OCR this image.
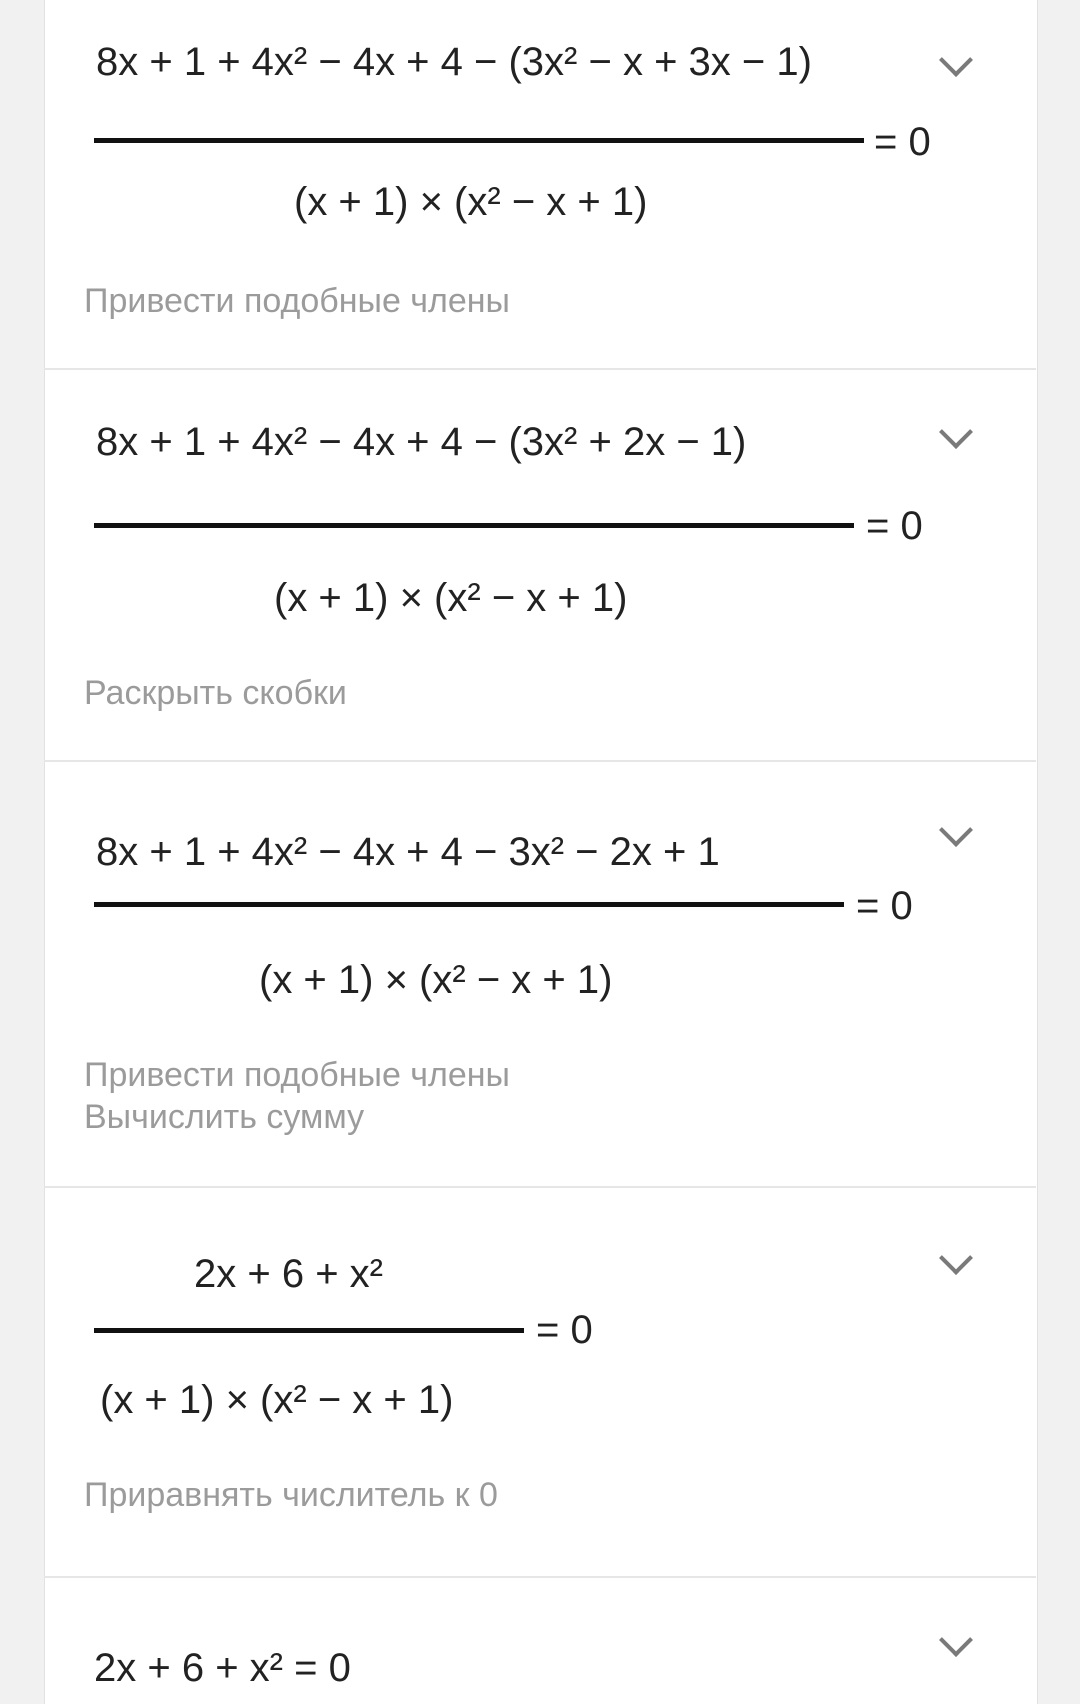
8x + 1 + 4x² − 4x + 4 − (3x² − x + 3x − 1)
= 0
(x + 1) × (x² − x + 1)
Привести подобные члены
8x + 1 + 4x² − 4x + 4 − (3x² + 2x − 1)
= 0
(x + 1) × (x² − x + 1)
Раскрыть скобки
8x + 1 + 4x² − 4x + 4 − 3x² − 2x + 1
= 0
(x + 1) × (x² − x + 1)
Привести подобные члены
Вычислить сумму
2x + 6 + x²
= 0
(x + 1) × (x² − x + 1)
Приравнять числитель к 0
2x + 6 + x² = 0
